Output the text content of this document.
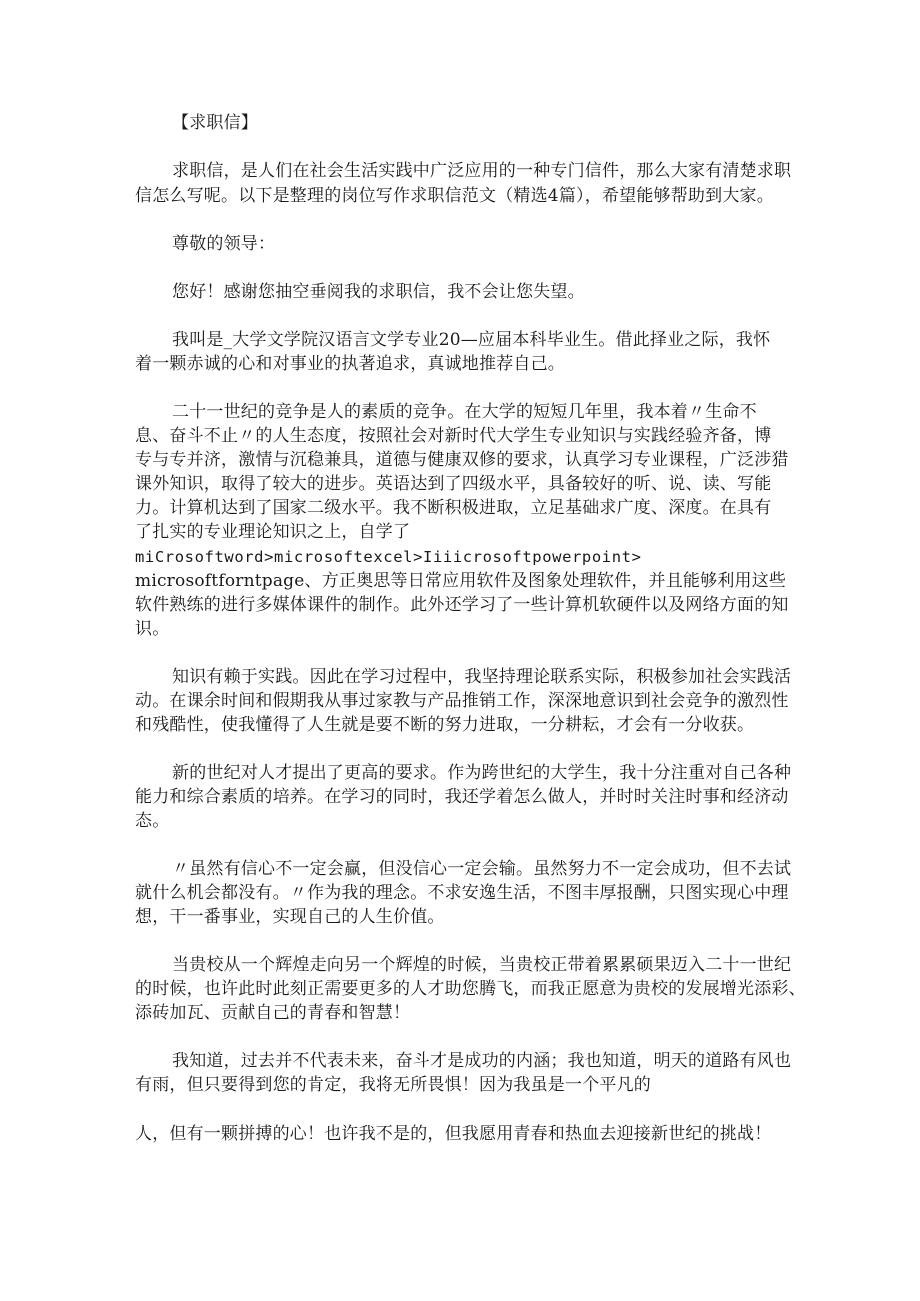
【求职信】
求职信，是人们在社会生活实践中广泛应用的一种专门信件，那么大家有清楚求职
信怎么写呢。以下是整理的岗位写作求职信范文（精选4篇），希望能够帮助到大家。
尊敬的领导：
您好！感谢您抽空垂阅我的求职信，我不会让您失望。
我叫是_大学文学院汉语言文学专业20—应届本科毕业生。借此择业之际，我怀
着一颗赤诚的心和对事业的执著追求，真诚地推荐自己。
二十一世纪的竞争是人的素质的竞争。在大学的短短几年里，我本着〃生命不
息、奋斗不止〃的人生态度，按照社会对新时代大学生专业知识与实践经验齐备，博
专与专并济，激情与沉稳兼具，道德与健康双修的要求，认真学习专业课程，广泛涉猎
课外知识，取得了较大的进步。英语达到了四级水平，具备较好的听、说、读、写能
力。计算机达到了国家二级水平。我不断积极进取，立足基础求广度、深度。在具有
了扎实的专业理论知识之上，自学了
miCrosoftword>microsoftexcel>Iiiicrosoftpowerpoint>
microsoftforntpage、方正奥思等日常应用软件及图象处理软件，并且能够利用这些
软件熟练的进行多媒体课件的制作。此外还学习了一些计算机软硬件以及网络方面的知
识。
知识有赖于实践。因此在学习过程中，我坚持理论联系实际，积极参加社会实践活
动。在课余时间和假期我从事过家教与产品推销工作，深深地意识到社会竞争的激烈性
和残酷性，使我懂得了人生就是要不断的努力进取，一分耕耘，才会有一分收获。
新的世纪对人才提出了更高的要求。作为跨世纪的大学生，我十分注重对自己各种
能力和综合素质的培养。在学习的同时，我还学着怎么做人，并时时关注时事和经济动
态。
〃虽然有信心不一定会赢，但没信心一定会输。虽然努力不一定会成功，但不去试
就什么机会都没有。〃作为我的理念。不求安逸生活，不图丰厚报酬，只图实现心中理
想，干一番事业，实现自己的人生价值。
当贵校从一个辉煌走向另一个辉煌的时候，当贵校正带着累累硕果迈入二十一世纪
的时候，也许此时此刻正需要更多的人才助您腾飞，而我正愿意为贵校的发展增光添彩、
添砖加瓦、贡献自己的青春和智慧！
我知道，过去并不代表未来，奋斗才是成功的内涵；我也知道，明天的道路有风也
有雨，但只要得到您的肯定，我将无所畏惧！因为我虽是一个平凡的
人，但有一颗拼搏的心！也许我不是的，但我愿用青春和热血去迎接新世纪的挑战！
